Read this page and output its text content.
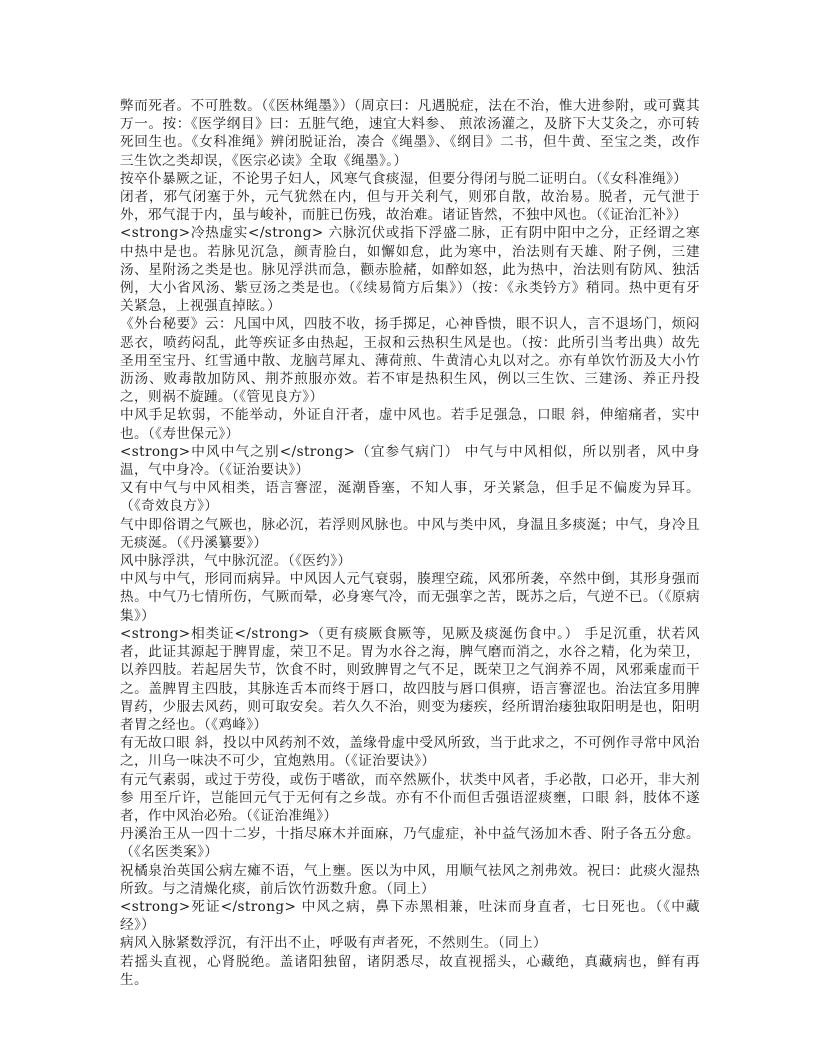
弊而死者。不可胜数。（《医林绳墨》）（周京曰：凡遇脱症，法在不治，惟大进参附，或可冀其万一。按：《医学纲目》曰：五脏气绝，速宜大料参、 煎浓汤灌之，及脐下大艾灸之，亦可转死回生也。《女科准绳》辨闭脱证治，凑合《绳墨》、《纲目》二书，但牛黄、至宝之类，改作三生饮之类却误，《医宗必读》全取《绳墨》。）

按卒仆暴厥之证，不论男子妇人，风寒气食痰湿，但要分得闭与脱二证明白。（《女科准绳》）

闭者，邪气闭塞于外，元气犹然在内，但与开关利气，则邪自散，故治易。脱者，元气泄于外，邪气混于内，虽与峻补，而脏已伤残，故治难。诸证皆然，不独中风也。（《证治汇补》）

<strong>冷热虚实</strong> 六脉沉伏或指下浮盛二脉，正有阴中阳中之分，正经谓之寒中热中是也。若脉见沉急，颜青脸白，如懈如怠，此为寒中，治法则有天雄、附子例，三建汤、星附汤之类是也。脉见浮洪而急，颧赤脸赭，如醉如怒，此为热中，治法则有防风、独活例，大小省风汤、紫豆汤之类是也。（《续易简方后集》）（按：《永类钤方》稍同。热中更有牙关紧急，上视强直掉眩。）

《外台秘要》云：凡国中风，四肢不收，扬手掷足，心神昏愦，眼不识人，言不退场门，烦闷恶衣，喷药闷乱，此等疾证多由热起，王叔和云热积生风是也。（按：此所引当考出典）故先圣用至宝丹、红雪通中散、龙脑芎犀丸、薄荷煎、牛黄清心丸以对之。亦有单饮竹沥及大小竹沥汤、败毒散加防风、荆芥煎服亦效。若不审是热积生风，例以三生饮、三建汤、养正丹投之，则祸不旋踵。（《管见良方》）

中风手足软弱，不能举动，外证自汗者，虚中风也。若手足强急，口眼 斜，伸缩痛者，实中也。（《寿世保元》）

<strong>中风中气之别</strong>（宜参气病门） 中气与中风相似，所以别者，风中身温，气中身冷。（《证治要诀》）

又有中气与中风相类，语言謇涩，涎潮昏塞，不知人事，牙关紧急，但手足不偏废为异耳。（《奇效良方》）

气中即俗谓之气厥也，脉必沉，若浮则风脉也。中风与类中风，身温且多痰涎；中气，身冷且无痰涎。（《丹溪纂要》）

风中脉浮洪，气中脉沉涩。（《医约》）

中风与中气，形同而病异。中风因人元气衰弱，腠理空疏，风邪所袭，卒然中倒，其形身强而热。中气乃七情所伤，气厥而晕，必身寒气冷，而无强挛之苦，既苏之后，气逆不已。（《原病集》）

<strong>相类证</strong>（更有痰厥食厥等，见厥及痰涎伤食中。） 手足沉重，状若风者，此证其源起于脾胃虚，荣卫不足。胃为水谷之海，脾气磨而消之，水谷之精，化为荣卫，以养四肢。若起居失节，饮食不时，则致脾胃之气不足，既荣卫之气润养不周，风邪乘虚而干之。盖脾胃主四肢，其脉连舌本而终于唇口，故四肢与唇口俱痹，语言謇涩也。治法宜多用脾胃药，少服去风药，则可取安矣。若久久不治，则变为痿疾，经所谓治痿独取阳明是也，阳明者胃之经也。（《鸡峰》）

有无故口眼 斜，投以中风药剂不效，盖缘骨虚中受风所致，当于此求之，不可例作寻常中风治之，川乌一味决不可少，宜炮熟用。（《证治要诀》）

有元气素弱，或过于劳役，或伤于嗜欲，而卒然厥仆，状类中风者，手必散，口必开，非大剂参 用至斤许，岂能回元气于无何有之乡哉。亦有不仆而但舌强语涩痰壅，口眼 斜，肢体不遂者，作中风治必殆。（《证治准绳》）

丹溪治王从一四十二岁，十指尽麻木并面麻，乃气虚症，补中益气汤加木香、附子各五分愈。（《名医类案》）

祝橘泉治英国公病左瘫不语，气上壅。医以为中风，用顺气祛风之剂弗效。祝曰：此痰火湿热所致。与之清燥化痰，前后饮竹沥数升愈。（同上）

<strong>死证</strong> 中风之病，鼻下赤黑相兼，吐沫而身直者，七日死也。（《中藏经》）

病风入脉紧数浮沉，有汗出不止，呼吸有声者死，不然则生。（同上）

若摇头直视，心肾脱绝。盖诸阳独留，诸阴悉尽，故直视摇头，心藏绝，真藏病也，鲜有再生。
